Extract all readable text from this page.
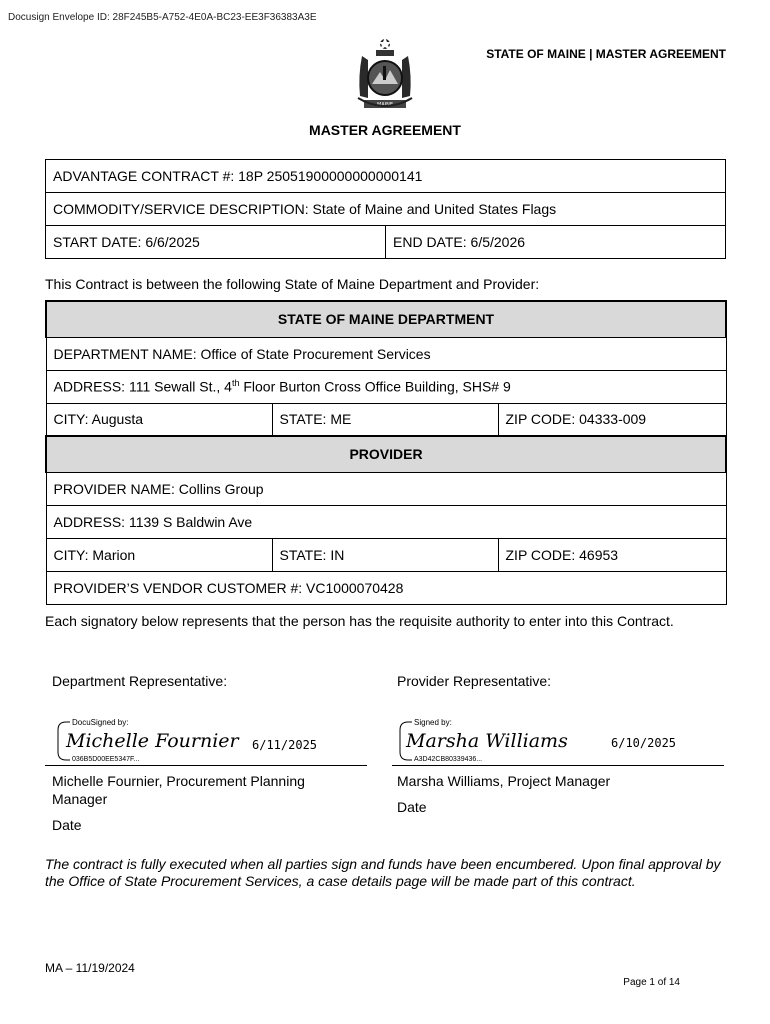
Docusign Envelope ID: 28F245B5-A752-4E0A-BC23-EE3F36383A3E
MAINE
STATE OF MAINE | MASTER AGREEMENT
MASTER AGREEMENT
ADVANTAGE CONTRACT #: 18P 25051900000000000141
COMMODITY/SERVICE DESCRIPTION: State of Maine and United States Flags
START DATE: 6/6/2025	END DATE: 6/5/2026
This Contract is between the following State of Maine Department and Provider:
STATE OF MAINE DEPARTMENT		
DEPARTMENT NAME: Office of State Procurement Services		
ADDRESS: 111 Sewall St., 4th Floor Burton Cross Office Building, SHS# 9		
CITY: Augusta	STATE: ME	ZIP CODE: 04333-009
PROVIDER		
PROVIDER NAME: Collins Group		
ADDRESS: 1139 S Baldwin Ave		
CITY: Marion	STATE: IN	ZIP CODE: 46953
PROVIDER’S VENDOR CUSTOMER #: VC1000070428		
Each signatory below represents that the person has the requisite authority to enter into this Contract.
Department Representative:	Provider Representative:
DocuSigned by:
Michelle Fournier
036B5D00EE5347F...
6/11/2025
Michelle Fournier, Procurement Planning
Manager
Date
Signed by:
Marsha Williams
A3D42CB80339436...
6/10/2025
Marsha Williams, Project Manager
Date
The contract is fully executed when all parties sign and funds have been encumbered. Upon final approval by the Office of State Procurement Services, a case details page will be made part of this contract.
MA – 11/19/2024
Page 1 of 14
